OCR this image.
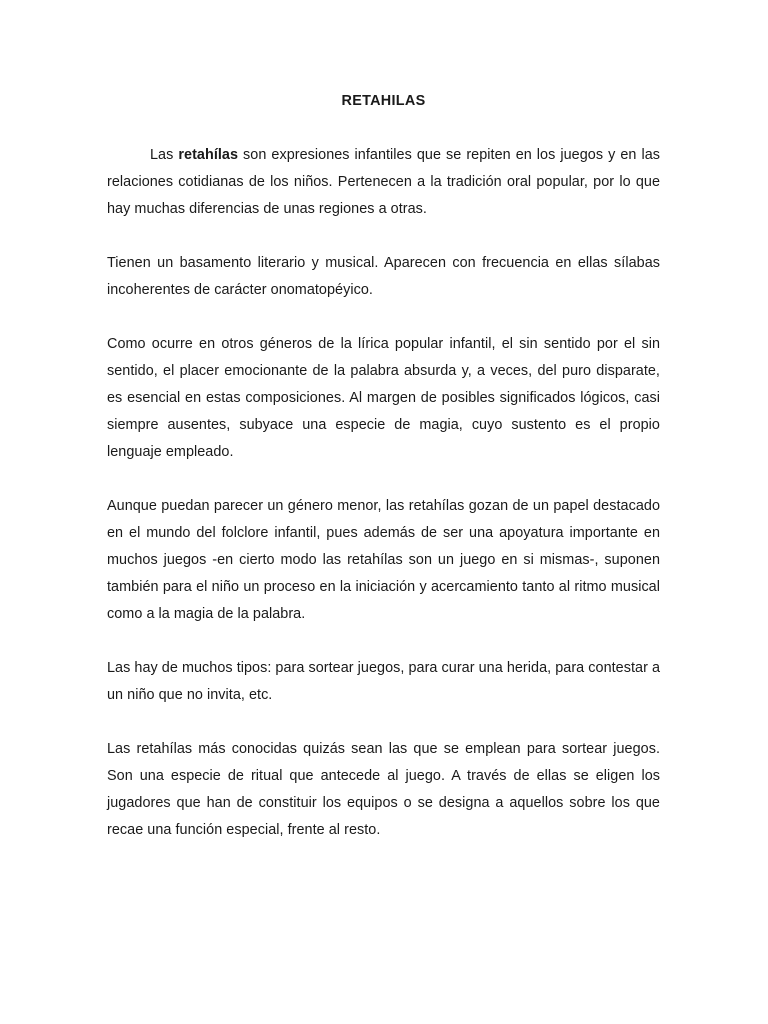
RETAHILAS

Las retahílas son expresiones infantiles que se repiten en los juegos y en las relaciones cotidianas de los niños. Pertenecen a la tradición oral popular, por lo que hay muchas diferencias de unas regiones a otras.

Tienen un basamento literario y musical. Aparecen con frecuencia en ellas sílabas incoherentes de carácter onomatopéyico.

Como ocurre en otros géneros de la lírica popular infantil, el sin sentido por el sin sentido, el placer emocionante de la palabra absurda y, a veces, del puro disparate, es esencial en estas composiciones. Al margen de posibles significados lógicos, casi siempre ausentes, subyace una especie de magia, cuyo sustento es el propio lenguaje empleado.

Aunque puedan parecer un género menor, las retahílas gozan de un papel destacado en el mundo del folclore infantil, pues además de ser una apoyatura importante en muchos juegos -en cierto modo las retahílas son un juego en si mismas-, suponen también para el niño un proceso en la iniciación y acercamiento tanto al ritmo musical como a la magia de la palabra.

Las hay de muchos tipos: para sortear juegos, para curar una herida, para contestar a un niño que no invita, etc.

Las retahílas más conocidas quizás sean las que se emplean para sortear juegos. Son una especie de ritual que antecede al juego. A través de ellas se eligen los jugadores que han de constituir los equipos o se designa a aquellos sobre los que recae una función especial, frente al resto.
